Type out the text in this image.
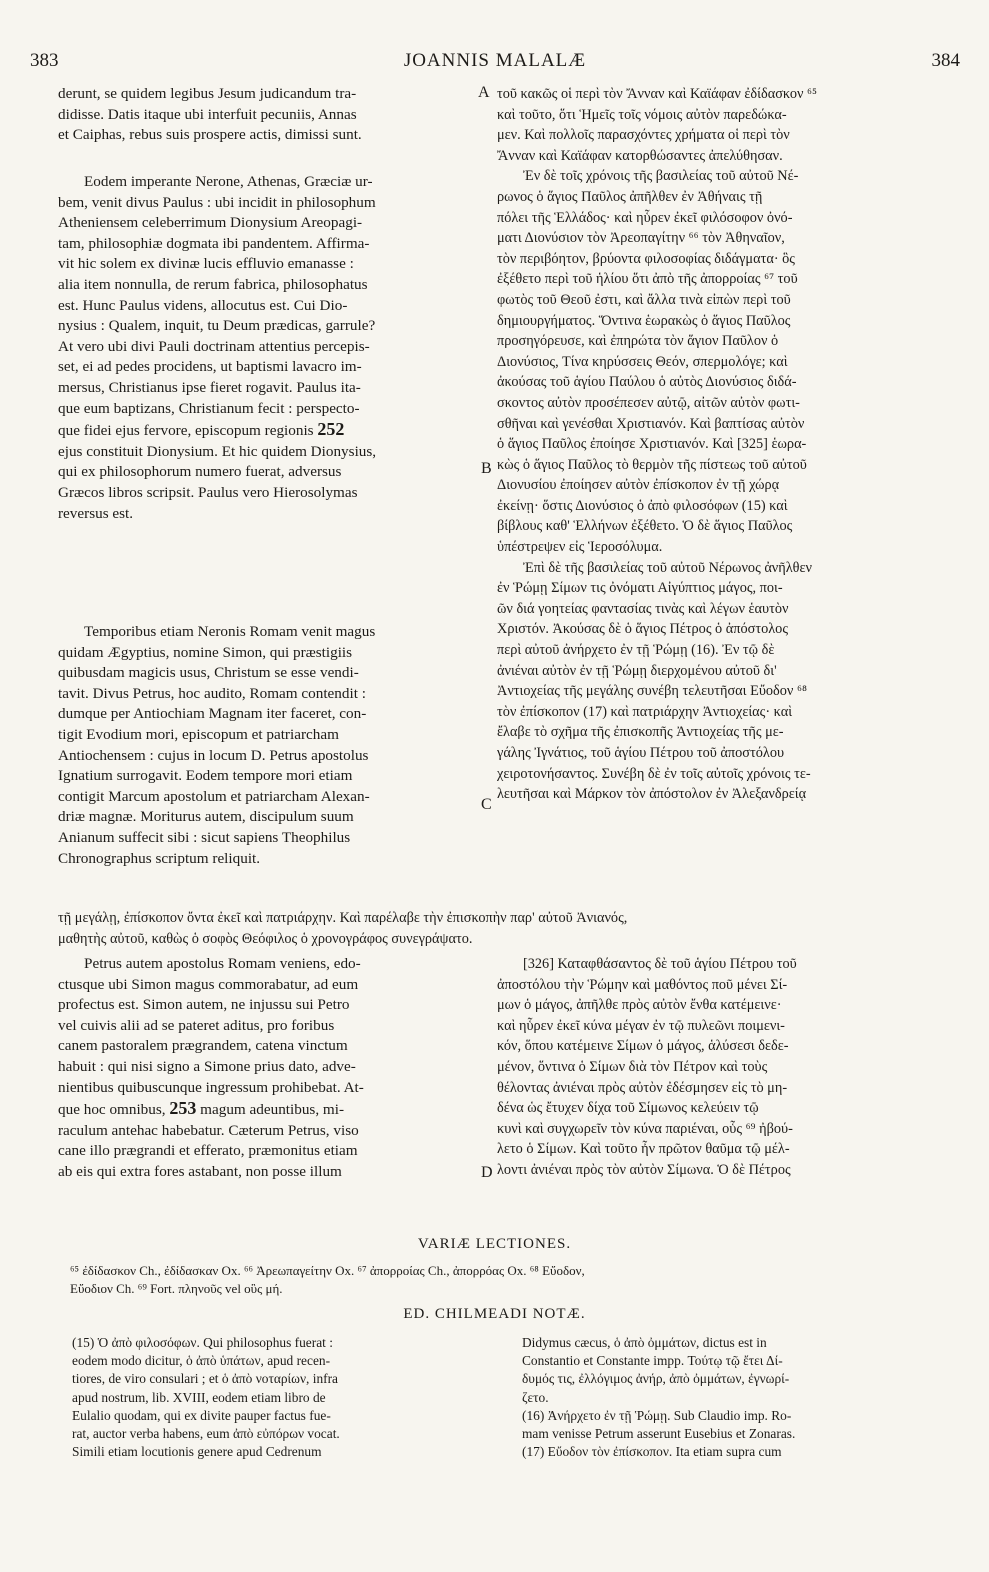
383	JOANNIS MALALÆ	384
A
B
C
D
derunt, se quidem legibus Jesum judicandum tra-
didisse. Datis itaque ubi interfuit pecuniis, Annas
et Caiphas, rebus suis prospere actis, dimissi sunt.
Eodem imperante Nerone, Athenas, Græciæ ur-
bem, venit divus Paulus : ubi incidit in philosophum
Atheniensem celeberrimum Dionysium Areopagi-
tam, philosophiæ dogmata ibi pandentem. Affirma-
vit hic solem ex divinæ lucis effluvio emanasse :
alia item nonnulla, de rerum fabrica, philosophatus
est. Hunc Paulus videns, allocutus est. Cui Dio-
nysius : Qualem, inquit, tu Deum prædicas, garrule?
At vero ubi divi Pauli doctrinam attentius percepis-
set, ei ad pedes procidens, ut baptismi lavacro im-
mersus, Christianus ipse fieret rogavit. Paulus ita-
que eum baptizans, Christianum fecit : perspecto-
que fidei ejus fervore, episcopum regionis 252
ejus constituit Dionysium. Et hic quidem Dionysius,
qui ex philosophorum numero fuerat, adversus
Græcos libros scripsit. Paulus vero Hierosolymas
reversus est.
Temporibus etiam Neronis Romam venit magus
quidam Ægyptius, nomine Simon, qui præstigiis
quibusdam magicis usus, Christum se esse vendi-
tavit. Divus Petrus, hoc audito, Romam contendit :
dumque per Antiochiam Magnam iter faceret, con-
tigit Evodium mori, episcopum et patriarcham
Antiochensem : cujus in locum D. Petrus apostolus
Ignatium surrogavit. Eodem tempore mori etiam
contigit Marcum apostolum et patriarcham Alexan-
driæ magnæ. Moriturus autem, discipulum suum
Anianum suffecit sibi : sicut sapiens Theophilus
Chronographus scriptum reliquit.
τοῦ κακῶς οἱ περὶ τὸν Ἄνναν καὶ Καϊάφαν ἐδίδασκον ⁶⁵
καὶ τοῦτο, ὅτι Ἡμεῖς τοῖς νόμοις αὐτὸν παρεδώκα-
μεν. Καὶ πολλοῖς παρασχόντες χρήματα οἱ περὶ τὸν
Ἄνναν καὶ Καϊάφαν κατορθώσαντες ἀπελύθησαν.
Ἐν δὲ τοῖς χρόνοις τῆς βασιλείας τοῦ αὐτοῦ Νέ-
ρωνος ὁ ἅγιος Παῦλος ἀπῆλθεν ἐν Ἀθήναις τῇ
πόλει τῆς Ἑλλάδος· καὶ ηὗρεν ἐκεῖ φιλόσοφον ὀνό-
ματι Διονύσιον τὸν Ἀρεοπαγίτην ⁶⁶ τὸν Ἀθηναῖον,
τὸν περιβόητον, βρύοντα φιλοσοφίας διδάγματα· ὃς
ἐξέθετο περὶ τοῦ ἡλίου ὅτι ἀπὸ τῆς ἀπορροίας ⁶⁷ τοῦ
φωτὸς τοῦ Θεοῦ ἐστι, καὶ ἄλλα τινὰ εἰπὼν περὶ τοῦ
δημιουργήματος. Ὅντινα ἑωρακὼς ὁ ἅγιος Παῦλος
προσηγόρευσε, καὶ ἐπηρώτα τὸν ἅγιον Παῦλον ὁ
Διονύσιος, Τίνα κηρύσσεις Θεόν, σπερμολόγε; καὶ
ἀκούσας τοῦ ἁγίου Παύλου ὁ αὐτὸς Διονύσιος διδά-
σκοντος αὐτὸν προσέπεσεν αὐτῷ, αἰτῶν αὐτὸν φωτι-
σθῆναι καὶ γενέσθαι Χριστιανόν. Καὶ βαπτίσας αὐτὸν
ὁ ἅγιος Παῦλος ἐποίησε Χριστιανόν. Καὶ [325] ἑωρα-
κὼς ὁ ἅγιος Παῦλος τὸ θερμὸν τῆς πίστεως τοῦ αὐτοῦ
Διονυσίου ἐποίησεν αὐτὸν ἐπίσκοπον ἐν τῇ χώρᾳ
ἐκείνῃ· ὅστις Διονύσιος ὁ ἀπὸ φιλοσόφων (15) καὶ
βίβλους καθ' Ἑλλήνων ἐξέθετο. Ὁ δὲ ἅγιος Παῦλος
ὑπέστρεψεν εἰς Ἱεροσόλυμα.
Ἐπὶ δὲ τῆς βασιλείας τοῦ αὐτοῦ Νέρωνος ἀνῆλθεν
ἐν Ῥώμῃ Σίμων τις ὀνόματι Αἰγύπτιος μάγος, ποι-
ῶν διά γοητείας φαντασίας τινὰς καὶ λέγων ἑαυτὸν
Χριστόν. Ἀκούσας δὲ ὁ ἅγιος Πέτρος ὁ ἀπόστολος
περὶ αὐτοῦ ἀνήρχετο ἐν τῇ Ῥώμῃ (16). Ἐν τῷ δὲ
ἀνιέναι αὐτὸν ἐν τῇ Ῥώμῃ διερχομένου αὐτοῦ δι'
Ἀντιοχείας τῆς μεγάλης συνέβη τελευτῆσαι Εὔοδον ⁶⁸
τὸν ἐπίσκοπον (17) καὶ πατριάρχην Ἀντιοχείας· καὶ
ἔλαβε τὸ σχῆμα τῆς ἐπισκοπῆς Ἀντιοχείας τῆς με-
γάλης Ἰγνάτιος, τοῦ ἁγίου Πέτρου τοῦ ἀποστόλου
χειροτονήσαντος. Συνέβη δὲ ἐν τοῖς αὐτοῖς χρόνοις τε-
λευτῆσαι καὶ Μάρκον τὸν ἀπόστολον ἐν Ἀλεξανδρείᾳ
τῇ μεγάλῃ, ἐπίσκοπον ὄντα ἐκεῖ καὶ πατριάρχην. Καὶ παρέλαβε τὴν ἐπισκοπὴν παρ' αὐτοῦ Ἀνιανός,
μαθητὴς αὐτοῦ, καθὼς ὁ σοφὸς Θεόφιλος ὁ χρονογράφος συνεγράψατο.
Petrus autem apostolus Romam veniens, edo-
ctusque ubi Simon magus commorabatur, ad eum
profectus est. Simon autem, ne injussu sui Petro
vel cuivis alii ad se pateret aditus, pro foribus
canem pastoralem prægrandem, catena vinctum
habuit : qui nisi signo a Simone prius dato, adve-
nientibus quibuscunque ingressum prohibebat. At-
que hoc omnibus, 253 magum adeuntibus, mi-
raculum antehac habebatur. Cæterum Petrus, viso
cane illo prægrandi et efferato, præmonitus etiam
ab eis qui extra fores astabant, non posse illum
[326] Καταφθάσαντος δὲ τοῦ ἁγίου Πέτρου τοῦ
ἀποστόλου τὴν Ῥώμην καὶ μαθόντος ποῦ μένει Σί-
μων ὁ μάγος, ἀπῆλθε πρὸς αὐτὸν ἔνθα κατέμεινε·
καὶ ηὗρεν ἐκεῖ κύνα μέγαν ἐν τῷ πυλεῶνι ποιμενι-
κόν, ὅπου κατέμεινε Σίμων ὁ μάγος, ἁλύσεσι δεδε-
μένον, ὅντινα ὁ Σίμων διὰ τὸν Πέτρον καὶ τοὺς
θέλοντας ἀνιέναι πρὸς αὐτὸν ἐδέσμησεν εἰς τὸ μη-
δένα ὡς ἔτυχεν δίχα τοῦ Σίμωνος κελεύειν τῷ
κυνὶ καὶ συγχωρεῖν τὸν κύνα παριέναι, οὗς ⁶⁹ ἠβού-
λετο ὁ Σίμων. Καὶ τοῦτο ἦν πρῶτον θαῦμα τῷ μέλ-
λοντι ἀνιέναι πρὸς τὸν αὐτὸν Σίμωνα. Ὁ δὲ Πέτρος
VARIÆ LECTIONES.
⁶⁵ ἐδίδασκον Ch., ἐδίδασκαν Ox. ⁶⁶ Ἀρεωπαγείτην Ox. ⁶⁷ ἀπορροίας Ch., ἀπορρόας Ox. ⁶⁸ Εὔοδον,
Εὔοδιον Ch. ⁶⁹ Fort. πληνοῦς vel οὓς μή.
ED. CHILMEADI NOTÆ.
(15) Ὁ ἀπὸ φιλοσόφων. Qui philosophus fuerat :
eodem modo dicitur, ὁ ἀπὸ ὑπάτων, apud recen-
tiores, de viro consulari ; et ὁ ἀπὸ νοταρίων, infra
apud nostrum, lib. XVIII, eodem etiam libro de
Eulalio quodam, qui ex divite pauper factus fue-
rat, auctor verba habens, eum ἀπὸ εὐπόρων vocat.
Simili etiam locutionis genere apud Cedrenum
Didymus cæcus, ὁ ἀπὸ ὀμμάτων, dictus est in
Constantio et Constante impp. Τούτῳ τῷ ἔτει Δί-
δυμός τις, ἐλλόγιμος ἀνήρ, ἀπὸ ὀμμάτων, ἐγνωρί-
ζετο.
(16) Ἀνήρχετο ἐν τῇ Ῥώμῃ. Sub Claudio imp. Ro-
mam venisse Petrum asserunt Eusebius et Zonaras.
(17) Εὔοδον τὸν ἐπίσκοπον. Ita etiam supra cum
